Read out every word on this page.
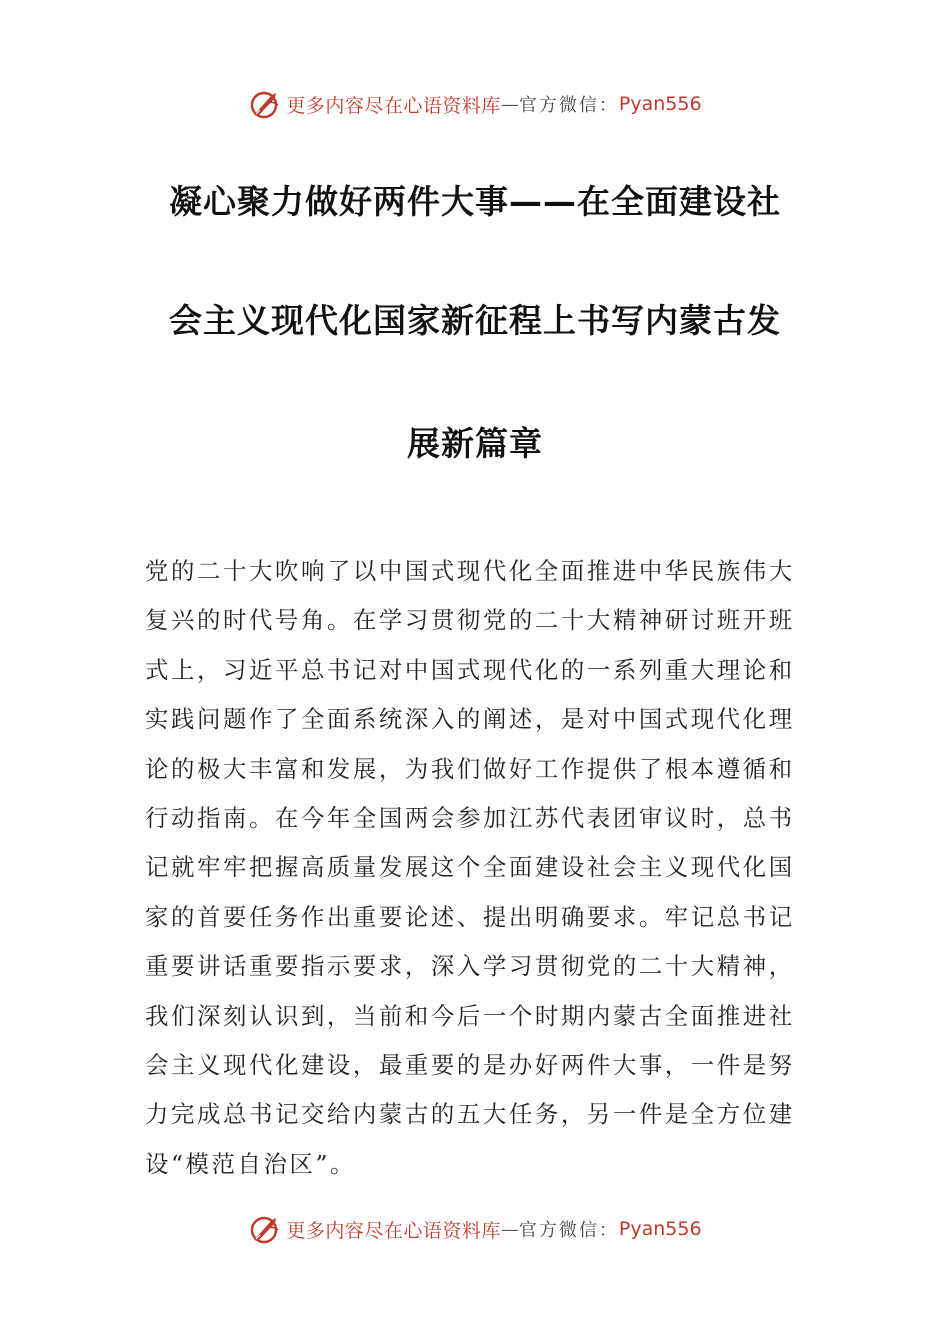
更多内容尽在心语资料库 — 官方微信： Pyan556
凝心聚力做好两件大事——在全面建设社
会主义现代化国家新征程上书写内蒙古发
展新篇章
党的二十大吹响了以中国式现代化全面推进中华民族伟大
复兴的时代号角。在学习贯彻党的二十大精神研讨班开班
式上，习近平总书记对中国式现代化的一系列重大理论和
实践问题作了全面系统深入的阐述，是对中国式现代化理
论的极大丰富和发展，为我们做好工作提供了根本遵循和
行动指南。在今年全国两会参加江苏代表团审议时，总书
记就牢牢把握高质量发展这个全面建设社会主义现代化国
家的首要任务作出重要论述、提出明确要求。牢记总书记
重要讲话重要指示要求，深入学习贯彻党的二十大精神，
我们深刻认识到，当前和今后一个时期内蒙古全面推进社
会主义现代化建设，最重要的是办好两件大事，一件是努
力完成总书记交给内蒙古的五大任务，另一件是全方位建
设“模范自治区”。
更多内容尽在心语资料库 — 官方微信： Pyan556
